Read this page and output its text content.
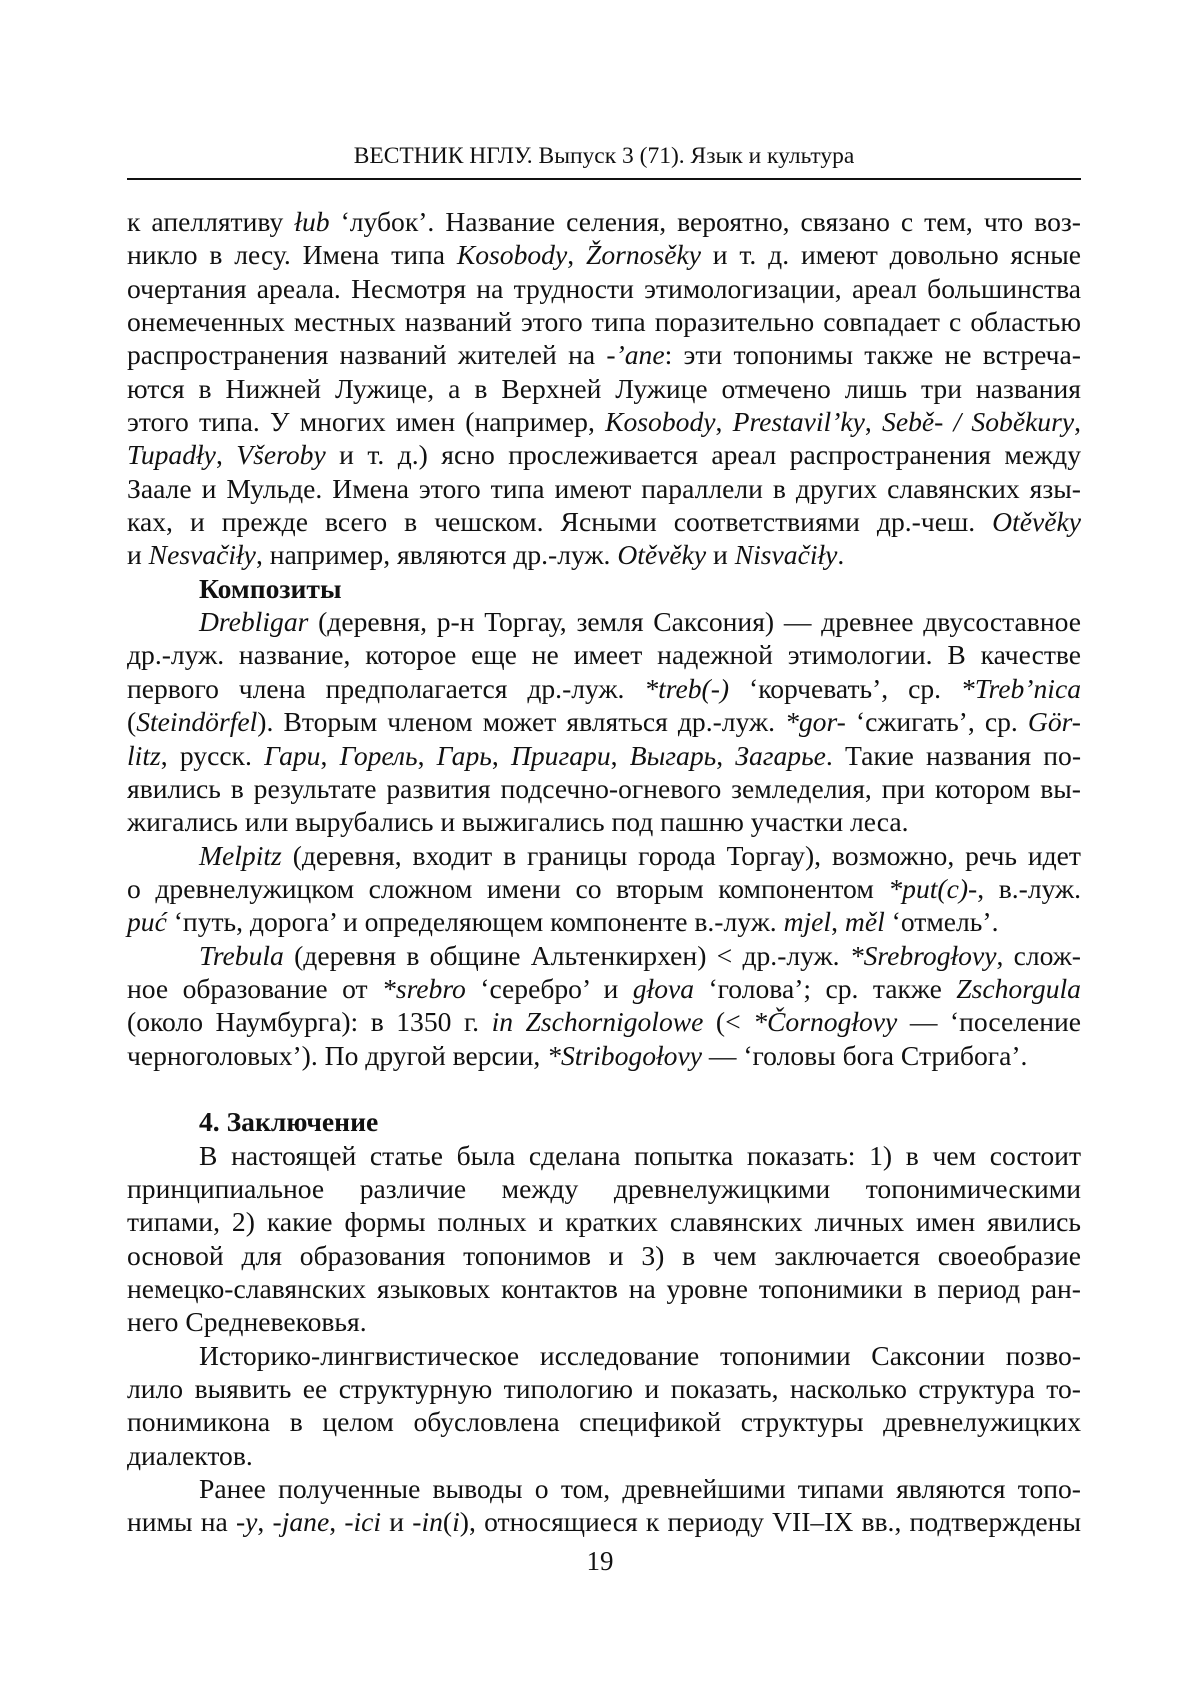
ВЕСТНИК НГЛУ. Выпуск 3 (71). Язык и культура
к апеллятиву łub ‘лубок’. Название селения, вероятно, связано с тем, что воз-
никло в лесу. Имена типа Kosobody, Žornosěky и т. д. имеют довольно ясные
очертания ареала. Несмотря на трудности этимологизации, ареал большинства
онемеченных местных названий этого типа поразительно совпадает с областью
распространения названий жителей на -’ane: эти топонимы также не встреча-
ются в Нижней Лужице, а в Верхней Лужице отмечено лишь три названия
этого типа. У многих имен (например, Kosobody, Prestavil’ky, Sebě- / Soběkury,
Tupadły, Všeroby и т. д.) ясно прослеживается ареал распространения между
Заале и Мульде. Имена этого типа имеют параллели в других славянских язы-
ках, и прежде всего в чешском. Ясными соответствиями др.-чеш. Otěvěky
и Nesvačiły, например, являются др.-луж. Otěvěky и Nisvačiły.
Композиты
Drebligar (деревня, р-н Торгау, земля Саксония) — древнее двусоставное
др.-луж. название, которое еще не имеет надежной этимологии. В качестве
первого члена предполагается др.-луж. *treb(-) ‘корчевать’, ср. *Treb’nica
(Steindörfel). Вторым членом может являться др.-луж. *gor- ‘сжигать’, ср. Gör-
litz, русск. Гари, Горель, Гарь, Пригари, Выгарь, Загарье. Такие названия по-
явились в результате развития подсечно-огневого земледелия, при котором вы-
жигались или вырубались и выжигались под пашню участки леса.
Melpitz (деревня, входит в границы города Торгау), возможно, речь идет
о древнелужицком сложном имени со вторым компонентом *put(c)-, в.-луж.
puć ‘путь, дорога’ и определяющем компоненте в.-луж. mjel, měl ‘отмель’.
Trebula (деревня в общине Альтенкирхен) < др.-луж. *Srebrogłovy, слож-
ное образование от *srebro ‘серебро’ и głova ‘голова’; ср. также Zschorgula
(около Наумбурга): в 1350 г. in Zschornigolowe (< *Čornogłovy — ‘поселение
черноголовых’). По другой версии, *Stribogołovy — ‘головы бога Стрибога’.
4. Заключение
В настоящей статье была сделана попытка показать: 1) в чем состоит
принципиальное различие между древнелужицкими топонимическими
типами, 2) какие формы полных и кратких славянских личных имен явились
основой для образования топонимов и 3) в чем заключается своеобразие
немецко-славянских языковых контактов на уровне топонимики в период ран-
него Средневековья.
Историко-лингвистическое исследование топонимии Саксонии позво-
лило выявить ее структурную типологию и показать, насколько структура то-
понимикона в целом обусловлена спецификой структуры древнелужицких
диалектов.
Ранее полученные выводы о том, древнейшими типами являются топо-
нимы на -y, -jane, -ici и -in(i), относящиеся к периоду VII–IX вв., подтверждены
19
